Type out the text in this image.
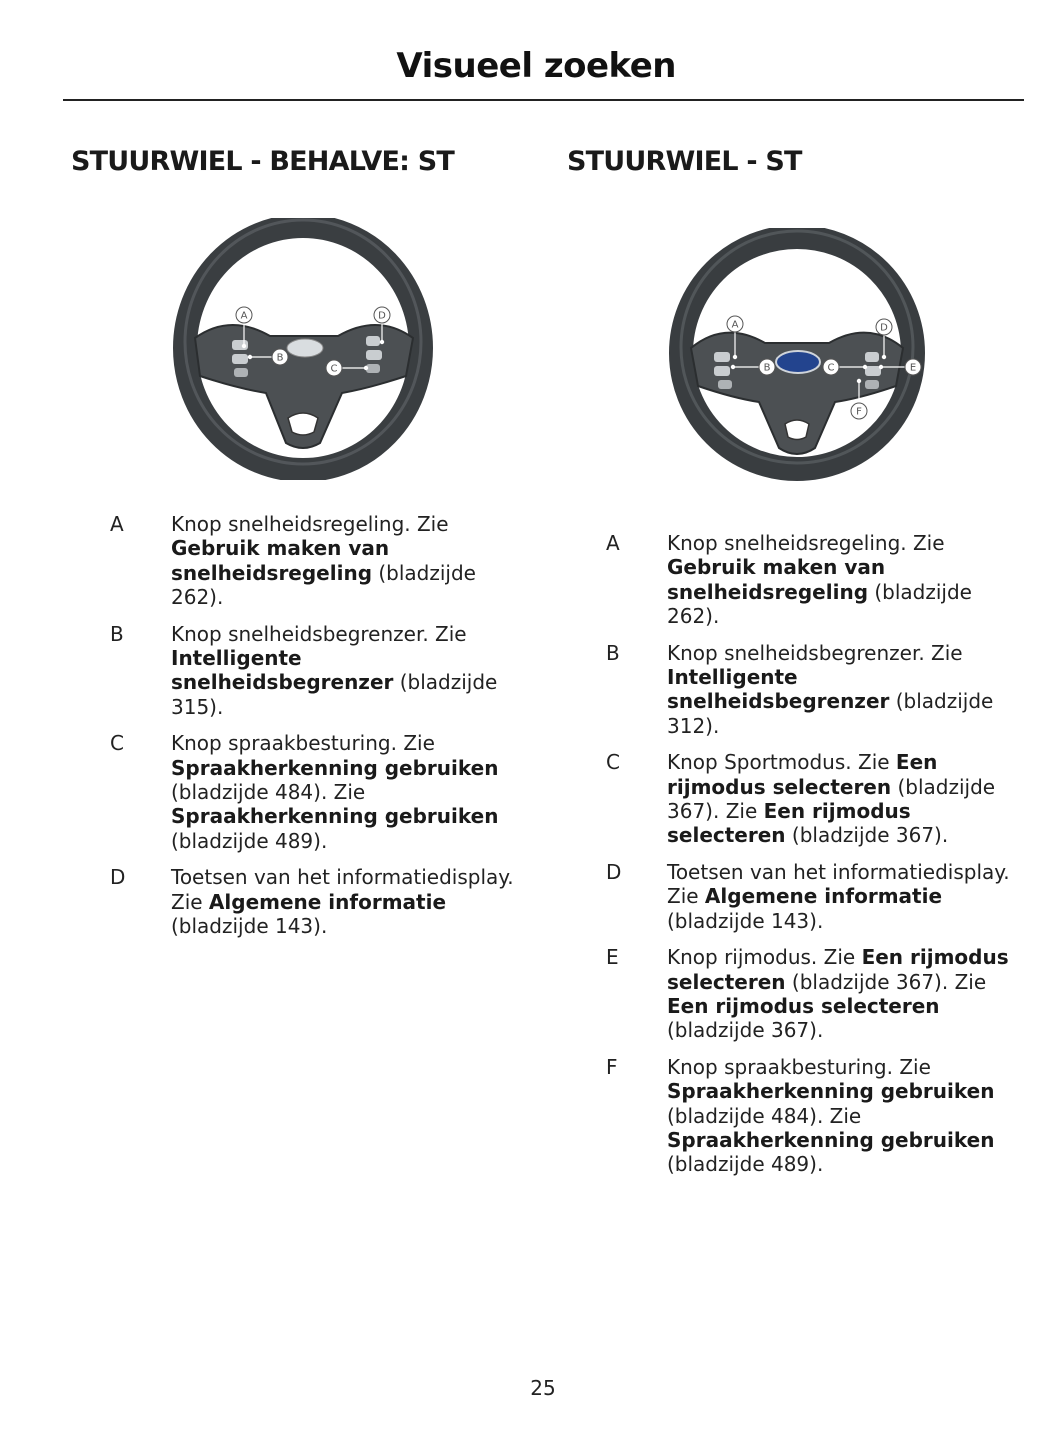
Visueel zoeken
STUURWIEL - BEHALVE: ST	STUURWIEL - ST
A
B
C
D
A
B	C
D
E
F
A Knop snelheidsregeling. Zie Gebruik maken van snelheidsregeling (bladzijde 262).
B Knop snelheidsbegrenzer. Zie Intelligente snelheidsbegrenzer (bladzijde 315).
C Knop spraakbesturing. Zie Spraakherkenning gebruiken (bladzijde 484). Zie Spraakherkenning gebruiken (bladzijde 489).
D Toetsen van het informatiedisplay. Zie Algemene informatie (bladzijde 143).
A Knop snelheidsregeling. Zie Gebruik maken van snelheidsregeling (bladzijde 262).
B Knop snelheidsbegrenzer. Zie Intelligente snelheidsbegrenzer (bladzijde 312).
C Knop Sportmodus. Zie Een rijmodus selecteren (bladzijde 367). Zie Een rijmodus selecteren (bladzijde 367).
D Toetsen van het informatiedisplay. Zie Algemene informatie (bladzijde 143).
E Knop rijmodus. Zie Een rijmodus selecteren (bladzijde 367). Zie Een rijmodus selecteren (bladzijde 367).
F Knop spraakbesturing. Zie Spraakherkenning gebruiken (bladzijde 484). Zie Spraakherkenning gebruiken (bladzijde 489).
25
